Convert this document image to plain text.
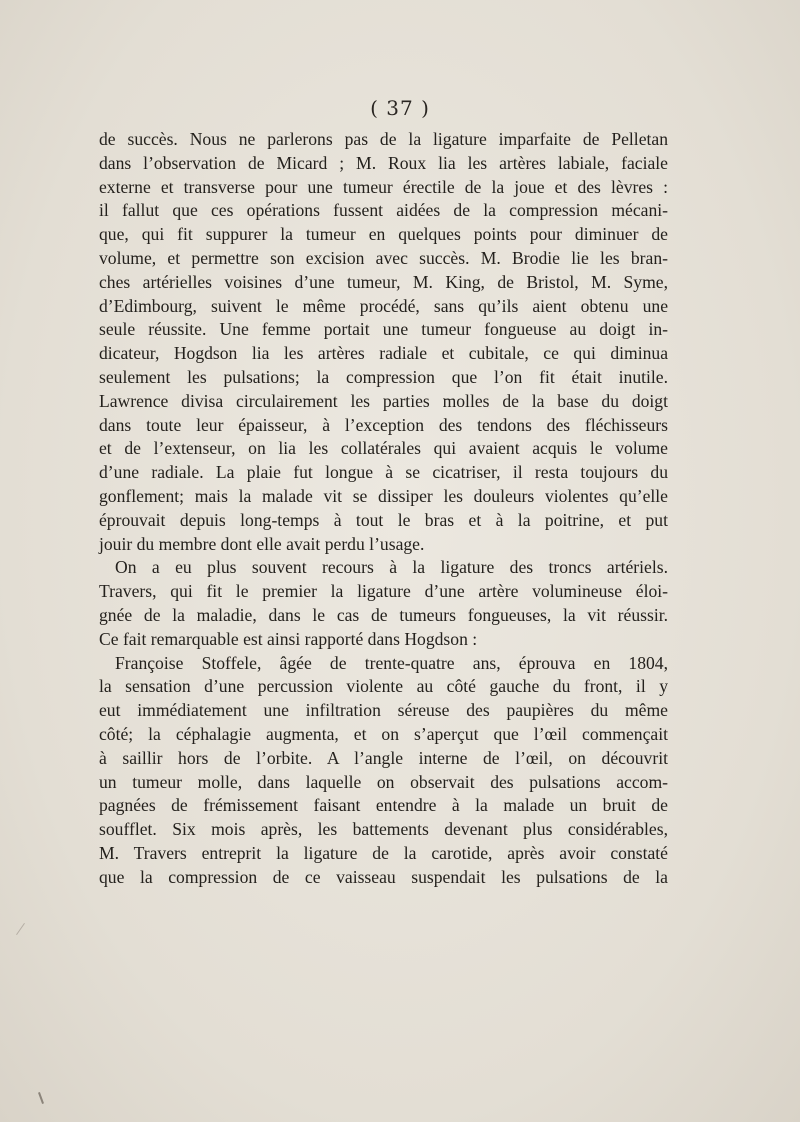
( 37 )
de succès. Nous ne parlerons pas de la ligature imparfaite de Pelletan
dans l’observation de Micard ; M. Roux lia les artères labiale, faciale
externe et transverse pour une tumeur érectile de la joue et des lèvres :
il fallut que ces opérations fussent aidées de la compression mécani-
que, qui fit suppurer la tumeur en quelques points pour diminuer de
volume, et permettre son excision avec succès. M. Brodie lie les bran-
ches artérielles voisines d’une tumeur, M. King, de Bristol, M. Syme,
d’Edimbourg, suivent le même procédé, sans qu’ils aient obtenu une
seule réussite. Une femme portait une tumeur fongueuse au doigt in-
dicateur, Hogdson lia les artères radiale et cubitale, ce qui diminua
seulement les pulsations; la compression que l’on fit était inutile.
Lawrence divisa circulairement les parties molles de la base du doigt
dans toute leur épaisseur, à l’exception des tendons des fléchisseurs
et de l’extenseur, on lia les collatérales qui avaient acquis le volume
d’une radiale. La plaie fut longue à se cicatriser, il resta toujours du
gonflement; mais la malade vit se dissiper les douleurs violentes qu’elle
éprouvait depuis long-temps à tout le bras et à la poitrine, et put
jouir du membre dont elle avait perdu l’usage.
On a eu plus souvent recours à la ligature des troncs artériels.
Travers, qui fit le premier la ligature d’une artère volumineuse éloi-
gnée de la maladie, dans le cas de tumeurs fongueuses, la vit réussir.
Ce fait remarquable est ainsi rapporté dans Hogdson :
Françoise Stoffele, âgée de trente-quatre ans, éprouva en 1804,
la sensation d’une percussion violente au côté gauche du front, il y
eut immédiatement une infiltration séreuse des paupières du même
côté; la céphalagie augmenta, et on s’aperçut que l’œil commençait
à saillir hors de l’orbite. A l’angle interne de l’œil, on découvrit
un tumeur molle, dans laquelle on observait des pulsations accom-
pagnées de frémissement faisant entendre à la malade un bruit de
soufflet. Six mois après, les battements devenant plus considérables,
M. Travers entreprit la ligature de la carotide, après avoir constaté
que la compression de ce vaisseau suspendait les pulsations de la
